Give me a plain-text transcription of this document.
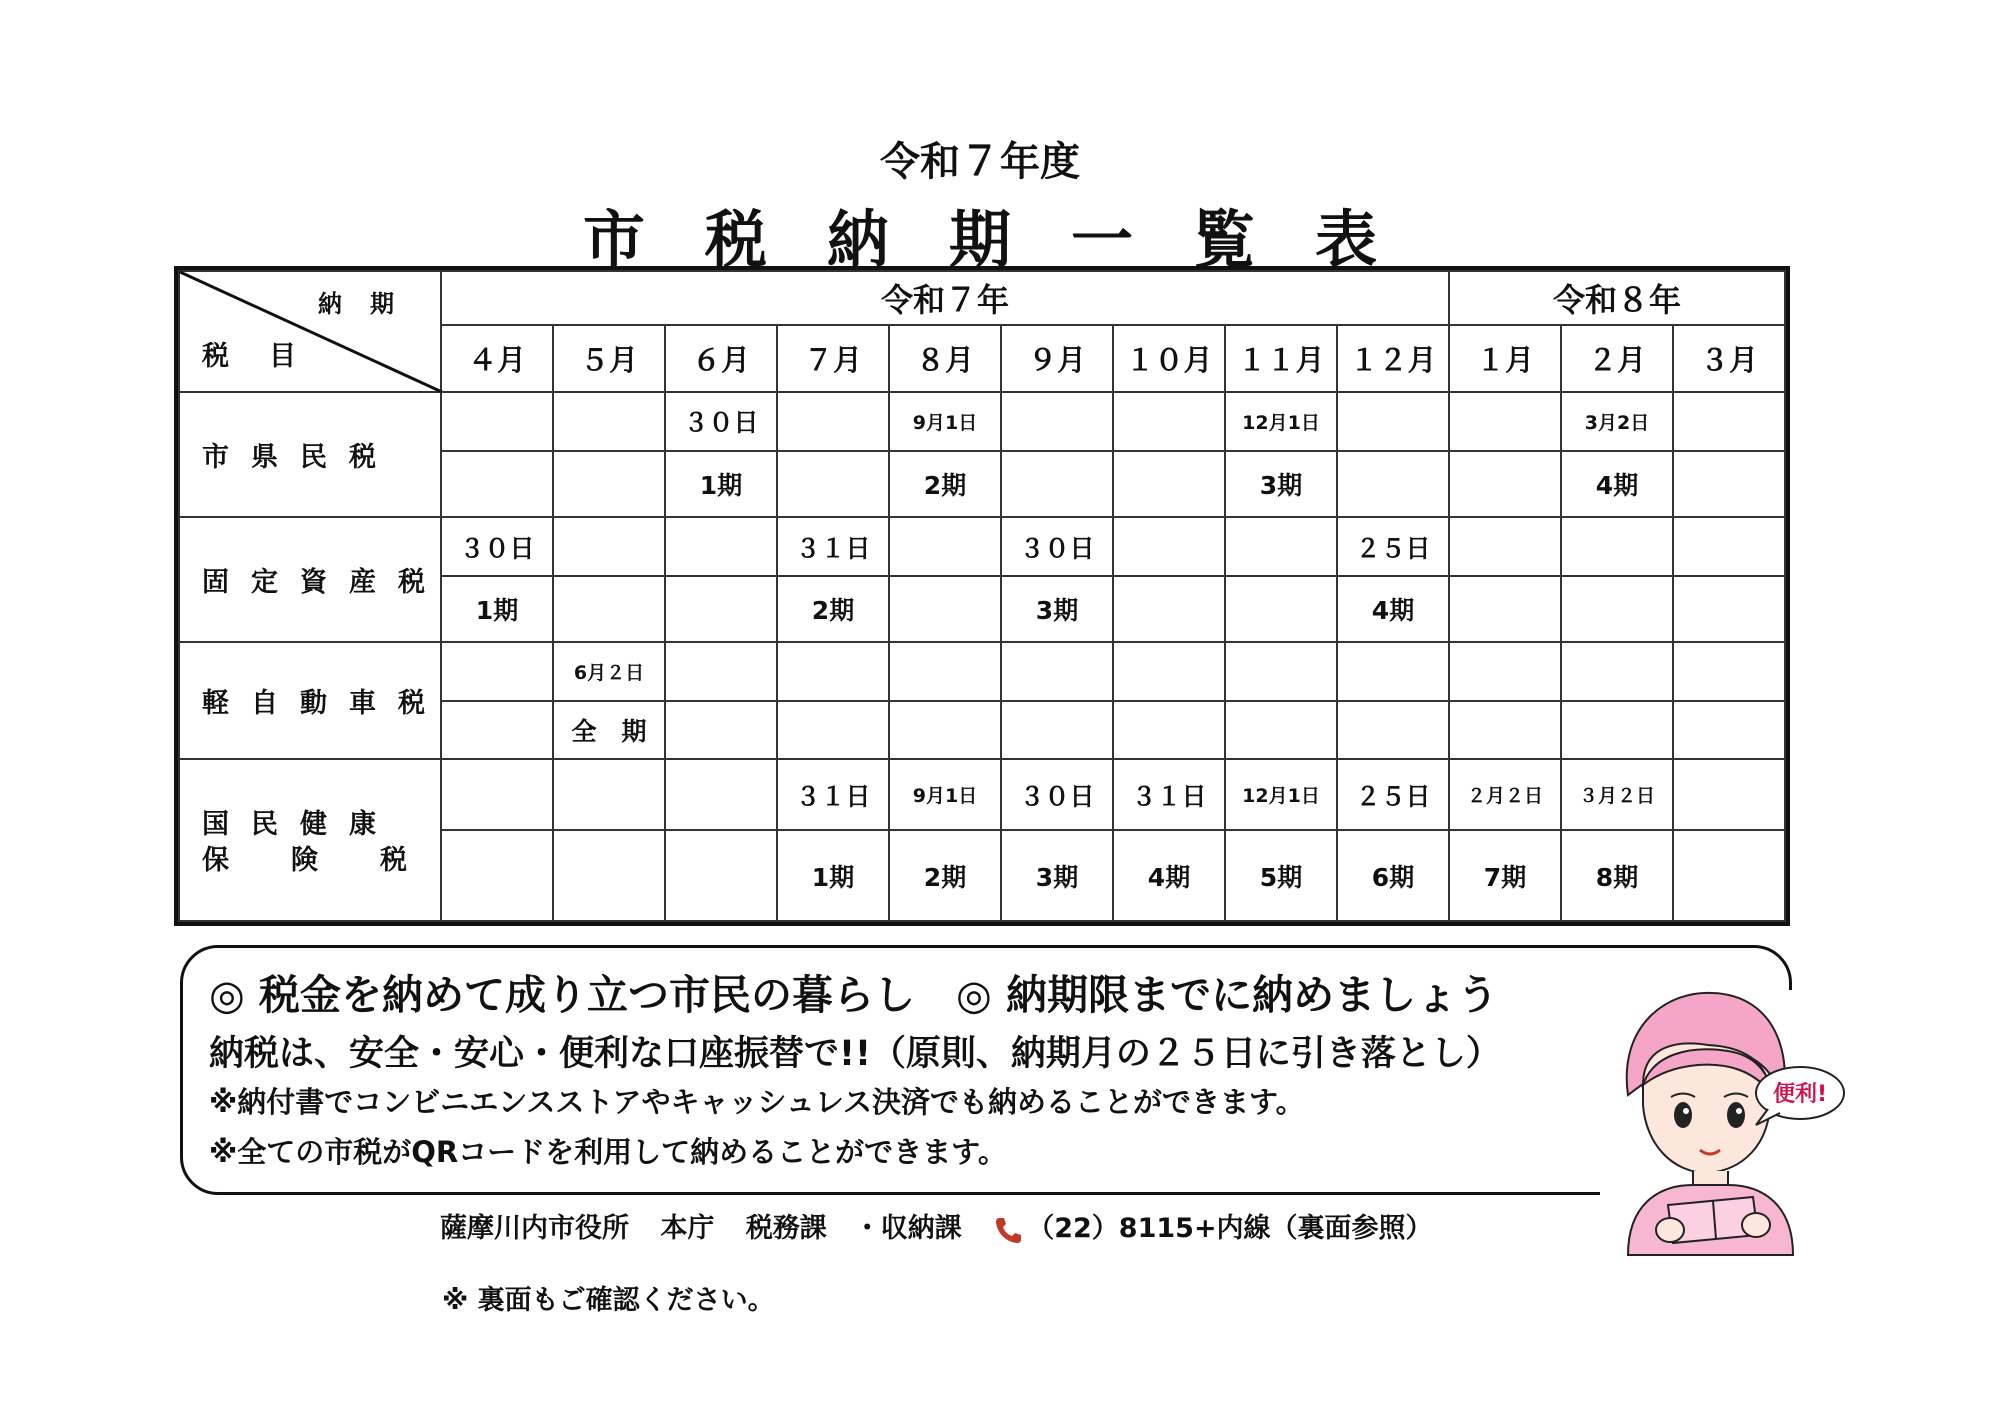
令和７年度
市税納期一覧表
納期
税目	令和７年									令和８年		
	４月	５月	６月	７月	８月	９月	１０月	１１月	１２月	１月	２月	３月
市県民税			３０日		9月1日			12月1日			3月2日	
			1期		2期			3期			4期	
固定資産税	３０日			３１日		３０日			２５日			
	1期			2期		3期			4期			
軽自動車税		6月２日										
		全　期										

国民健康
保険税				３１日	9月1日	３０日	３１日	12月1日	２５日	２月２日	３月２日	
				1期	2期	3期	4期	5期	6期	7期	8期	
◎ 税金を納めて成り立つ市民の暮らし　◎ 納期限までに納めましょう
納税は、安全・安心・便利な口座振替で!!（原則、納期月の２５日に引き落とし）
※納付書でコンビニエンスストアやキャッシュレス決済でも納めることができます。
※全ての市税がQRコードを利用して納めることができます。
便利!
薩摩川内市役所 本庁 税務課　・収納課 （22）8115+内線（裏面参照）
※ 裏面もご確認ください。
